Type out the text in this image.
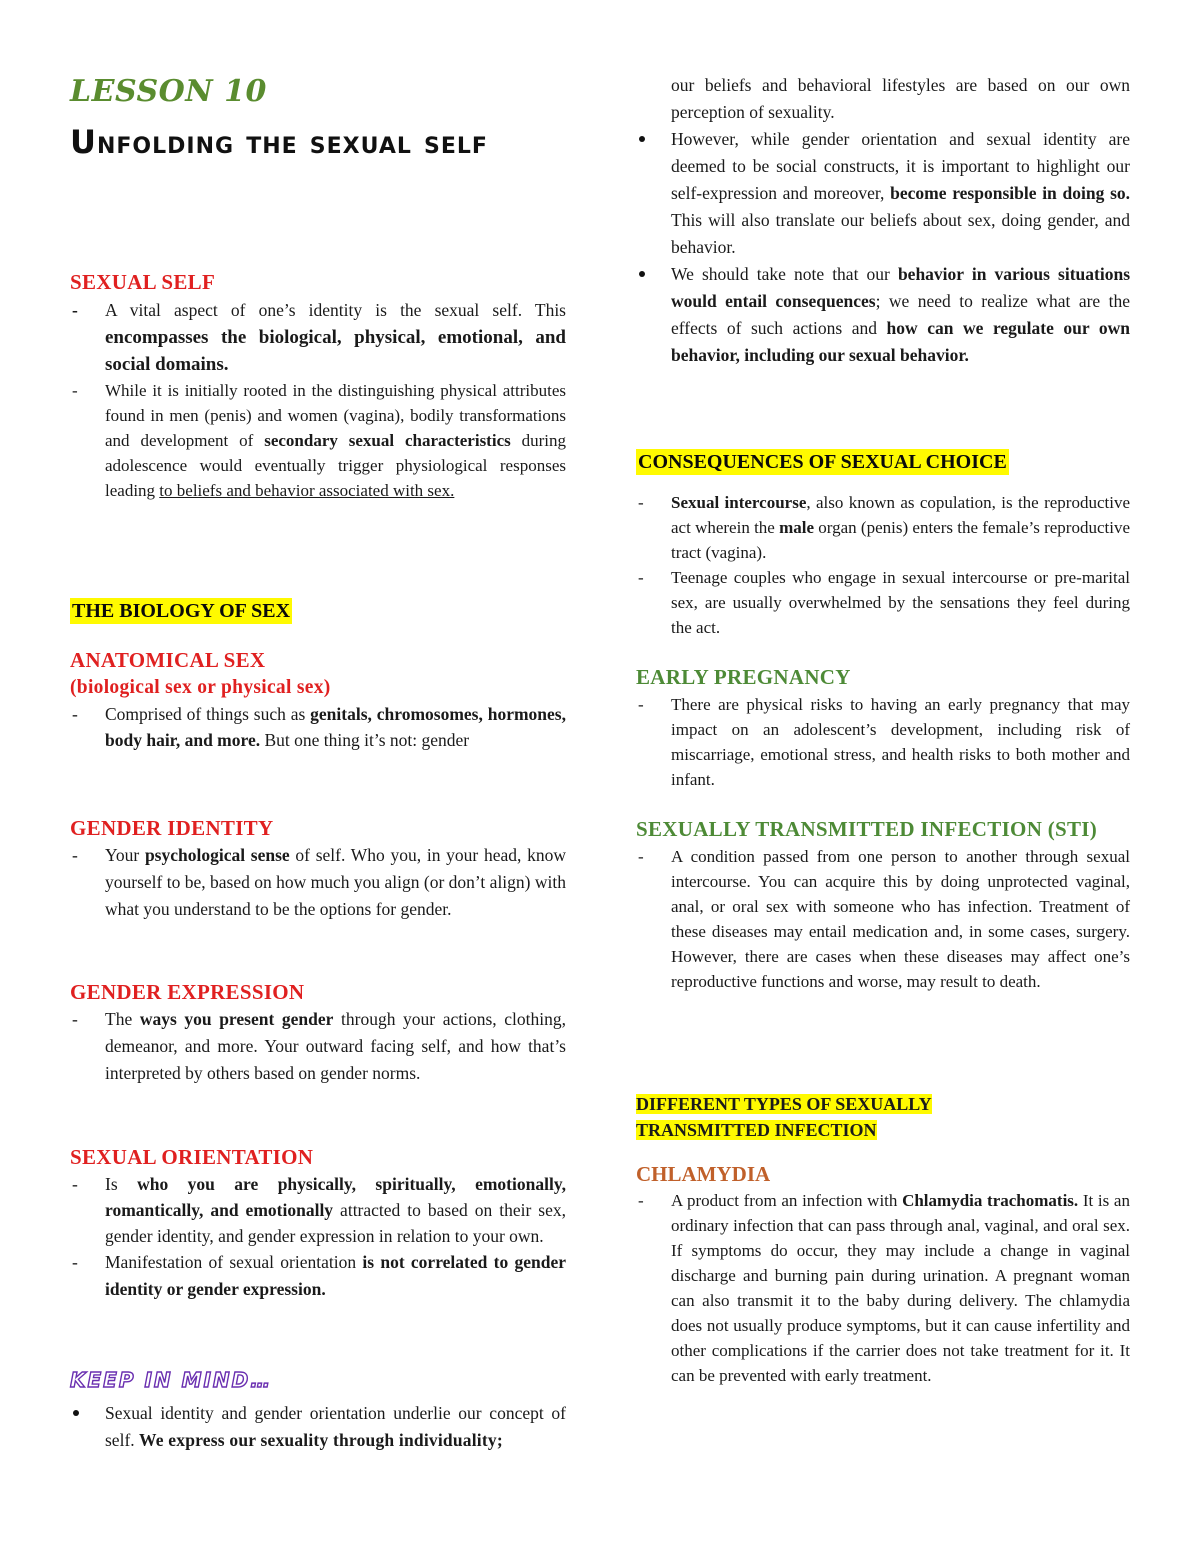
LESSON 10
Unfolding the sexual self
SEXUAL SELF
- A vital aspect of one’s identity is the sexual self. This encompasses the biological, physical, emotional, and social domains.
- While it is initially rooted in the distinguishing physical attributes found in men (penis) and women (vagina), bodily transformations and development of secondary sexual characteristics during adolescence would eventually trigger physiological responses leading to beliefs and behavior associated with sex.
THE BIOLOGY OF SEX
ANATOMICAL SEX
(biological sex or physical sex)
- Comprised of things such as genitals, chromosomes, hormones, body hair, and more. But one thing it’s not: gender
GENDER IDENTITY
- Your psychological sense of self. Who you, in your head, know yourself to be, based on how much you align (or don’t align) with what you understand to be the options for gender.
GENDER EXPRESSION
- The ways you present gender through your actions, clothing, demeanor, and more. Your outward facing self, and how that’s interpreted by others based on gender norms.
SEXUAL ORIENTATION
- Is who you are physically, spiritually, emotionally, romantically, and emotionally attracted to based on their sex, gender identity, and gender expression in relation to your own.
- Manifestation of sexual orientation is not correlated to gender identity or gender expression.
KEEP IN MIND…
Sexual identity and gender orientation underlie our concept of self. We express our sexuality through individuality;
our beliefs and behavioral lifestyles are based on our own perception of sexuality.
However, while gender orientation and sexual identity are deemed to be social constructs, it is important to highlight our self-expression and moreover, become responsible in doing so. This will also translate our beliefs about sex, doing gender, and behavior.
We should take note that our behavior in various situations would entail consequences; we need to realize what are the effects of such actions and how can we regulate our own behavior, including our sexual behavior.
CONSEQUENCES OF SEXUAL CHOICE
- Sexual intercourse, also known as copulation, is the reproductive act wherein the male organ (penis) enters the female’s reproductive tract (vagina).
- Teenage couples who engage in sexual intercourse or pre-marital sex, are usually overwhelmed by the sensations they feel during the act.
EARLY PREGNANCY
- There are physical risks to having an early pregnancy that may impact on an adolescent’s development, including risk of miscarriage, emotional stress, and health risks to both mother and infant.
SEXUALLY TRANSMITTED INFECTION (STI)
- A condition passed from one person to another through sexual intercourse. You can acquire this by doing unprotected vaginal, anal, or oral sex with someone who has infection. Treatment of these diseases may entail medication and, in some cases, surgery. However, there are cases when these diseases may affect one’s reproductive functions and worse, may result to death.
DIFFERENT TYPES OF SEXUALLY
TRANSMITTED INFECTION
CHLAMYDIA
- A product from an infection with Chlamydia trachomatis. It is an ordinary infection that can pass through anal, vaginal, and oral sex. If symptoms do occur, they may include a change in vaginal discharge and burning pain during urination. A pregnant woman can also transmit it to the baby during delivery. The chlamydia does not usually produce symptoms, but it can cause infertility and other complications if the carrier does not take treatment for it. It can be prevented with early treatment.
